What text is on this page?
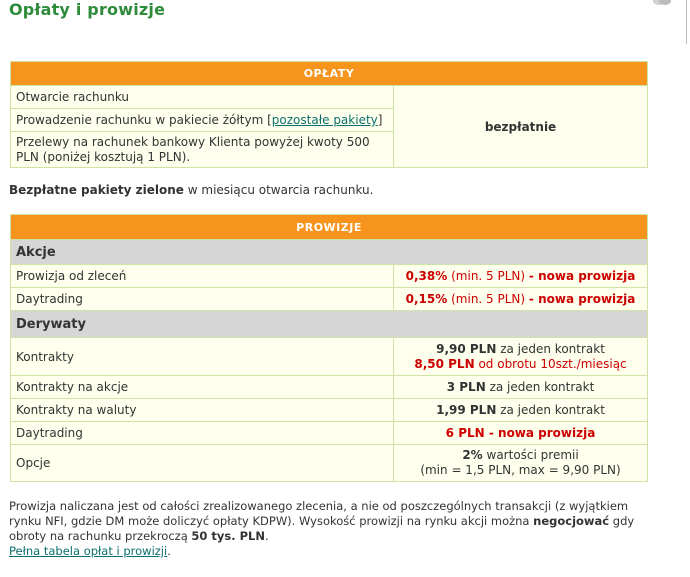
Opłaty i prowizje
OPŁATY
Otwarcie rachunku	bezpłatnie
Prowadzenie rachunku w pakiecie żółtym [pozostałe pakiety]
Przelewy na rachunek bankowy Klienta powyżej kwoty 500 PLN (poniżej kosztują 1 PLN).
Bezpłatne pakiety zielone w miesiącu otwarcia rachunku.
PROWIZJE	
Akcje	
Prowizja od zleceń	0,38% (min. 5 PLN) - nowa prowizja
Daytrading	0,15% (min. 5 PLN) - nowa prowizja
Derywaty	
Kontrakty	9,90 PLN za jeden kontrakt
8,50 PLN od obrotu 10szt./miesiąc
Kontrakty na akcje	3 PLN za jeden kontrakt
Kontrakty na waluty	1,99 PLN za jeden kontrakt
Daytrading	6 PLN - nowa prowizja
Opcje	2% wartości premii
(min = 1,5 PLN, max = 9,90 PLN)
Prowizja naliczana jest od całości zrealizowanego zlecenia, a nie od poszczególnych transakcji (z wyjątkiem rynku NFI, gdzie DM może doliczyć opłaty KDPW). Wysokość prowizji na rynku akcji można negocjować gdy obroty na rachunku przekroczą 50 tys. PLN.
Pełna tabela opłat i prowizji.
